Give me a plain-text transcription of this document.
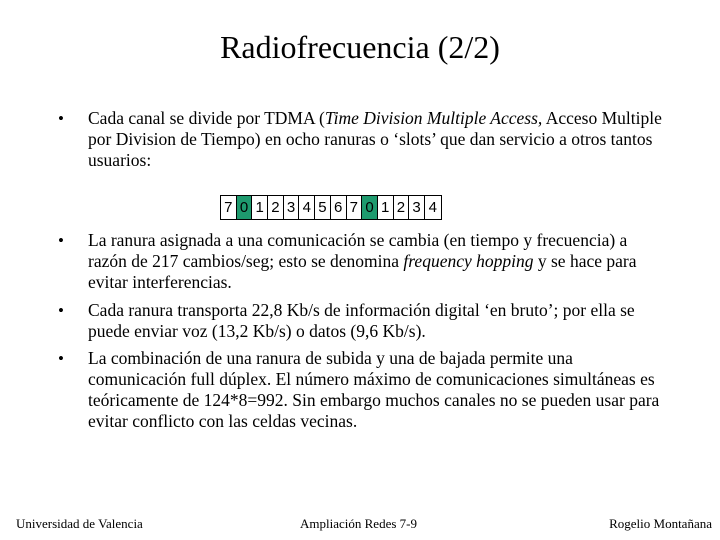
Radiofrecuencia (2/2)
•	Cada canal se divide por TDMA (Time Division Multiple Access, Acceso Multiple por Division de Tiempo) en ocho ranuras o ‘slots’ que dan servicio a otros tantos usuarios:
7 0 1 2 3 4 5 6 7 0 1 2 3 4
•	La ranura asignada a una comunicación se cambia (en tiempo y frecuencia) a razón de 217 cambios/seg; esto se denomina frequency hopping y se hace para evitar interferencias.
•	Cada ranura transporta 22,8 Kb/s de información digital ‘en bruto’; por ella se puede enviar voz (13,2 Kb/s) o datos (9,6 Kb/s).
•	La combinación de una ranura de subida y una de bajada permite una comunicación full dúplex. El número máximo de comunicaciones simultáneas es teóricamente de 124*8=992. Sin embargo muchos canales no se pueden usar para evitar conflicto con las celdas vecinas.
Universidad de Valencia	Ampliación Redes 7-9	Rogelio Montañana
